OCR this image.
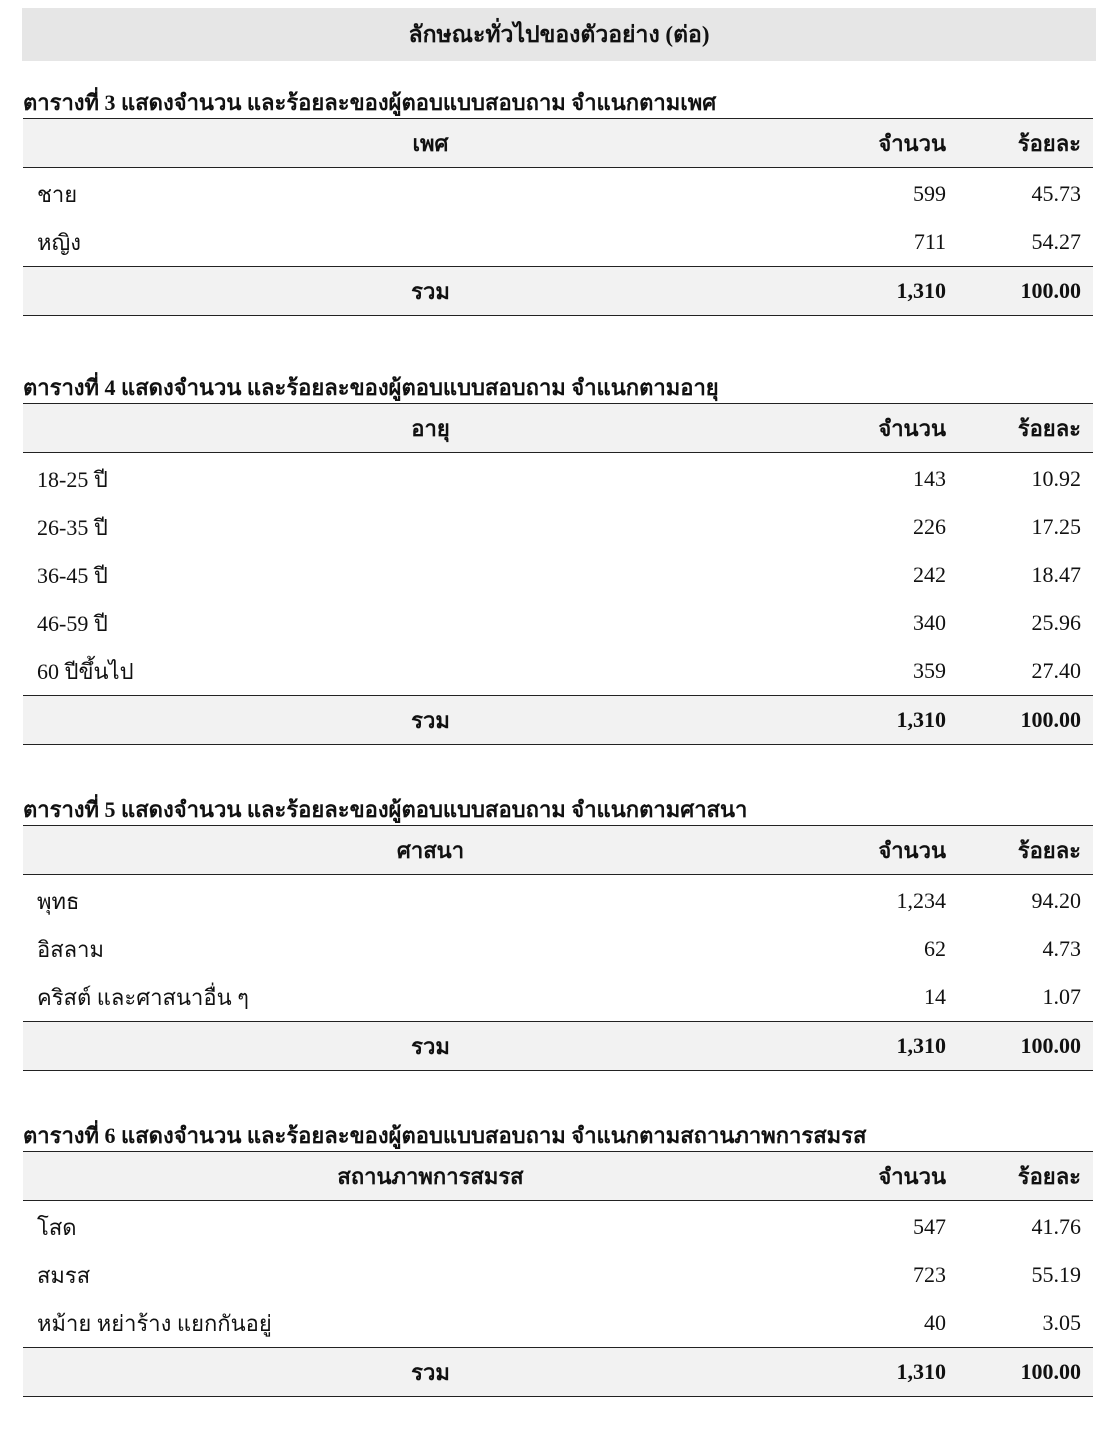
ลักษณะทั่วไปของตัวอย่าง (ต่อ)
ตารางที่ 3 แสดงจำนวน และร้อยละของผู้ตอบแบบสอบถาม จำแนกตามเพศ
เพศ	จำนวน	ร้อยละ
ชาย	599	45.73
หญิง	711	54.27
รวม	1,310	100.00
ตารางที่ 4 แสดงจำนวน และร้อยละของผู้ตอบแบบสอบถาม จำแนกตามอายุ
อายุ	จำนวน	ร้อยละ
18-25 ปี	143	10.92
26-35 ปี	226	17.25
36-45 ปี	242	18.47
46-59 ปี	340	25.96
60 ปีขึ้นไป	359	27.40
รวม	1,310	100.00
ตารางที่ 5 แสดงจำนวน และร้อยละของผู้ตอบแบบสอบถาม จำแนกตามศาสนา
ศาสนา	จำนวน	ร้อยละ
พุทธ	1,234	94.20
อิสลาม	62	4.73
คริสต์ และศาสนาอื่น ๆ	14	1.07
รวม	1,310	100.00
ตารางที่ 6 แสดงจำนวน และร้อยละของผู้ตอบแบบสอบถาม จำแนกตามสถานภาพการสมรส
สถานภาพการสมรส	จำนวน	ร้อยละ
โสด	547	41.76
สมรส	723	55.19
หม้าย หย่าร้าง แยกกันอยู่	40	3.05
รวม	1,310	100.00
